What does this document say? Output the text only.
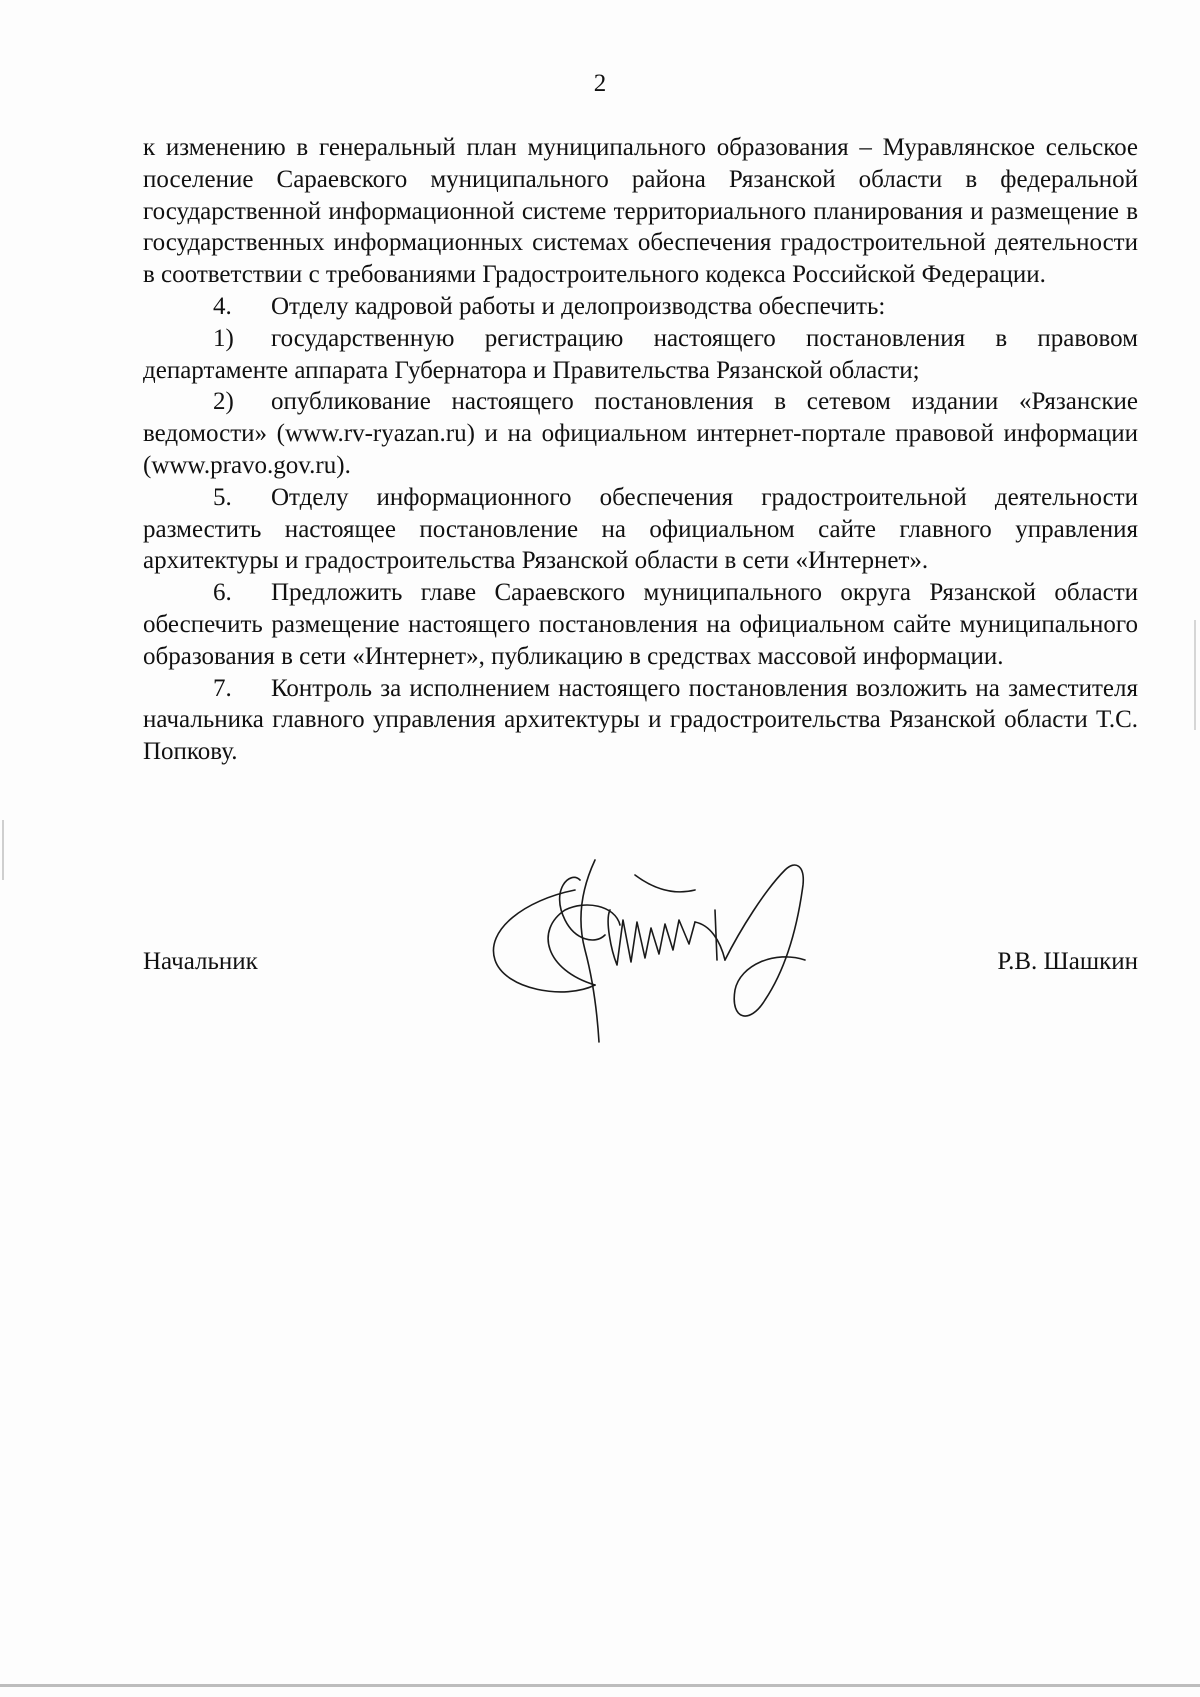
2

к изменению в генеральный план муниципального образования – Муравлянское сельское поселение Сараевского муниципального района Рязанской области в федеральной государственной информационной системе территориального планирования и размещение в государственных информационных системах обеспечения градостроительной деятельности в соответствии с требованиями Градостроительного кодекса Российской Федерации.

4. Отделу кадровой работы и делопроизводства обеспечить:

1) государственную регистрацию настоящего постановления в правовом департаменте аппарата Губернатора и Правительства Рязанской области;

2) опубликование настоящего постановления в сетевом издании «Рязанские ведомости» (www.rv-ryazan.ru) и на официальном интернет-портале правовой информации (www.pravo.gov.ru).

5. Отделу информационного обеспечения градостроительной деятельности разместить настоящее постановление на официальном сайте главного управления архитектуры и градостроительства Рязанской области в сети «Интернет».

6. Предложить главе Сараевского муниципального округа Рязанской области обеспечить размещение настоящего постановления на официальном сайте муниципального образования в сети «Интернет», публикацию в средствах массовой информации.

7. Контроль за исполнением настоящего постановления возложить на заместителя начальника главного управления архитектуры и градостроительства Рязанской области Т.С. Попкову.

Начальник	Р.В. Шашкин
